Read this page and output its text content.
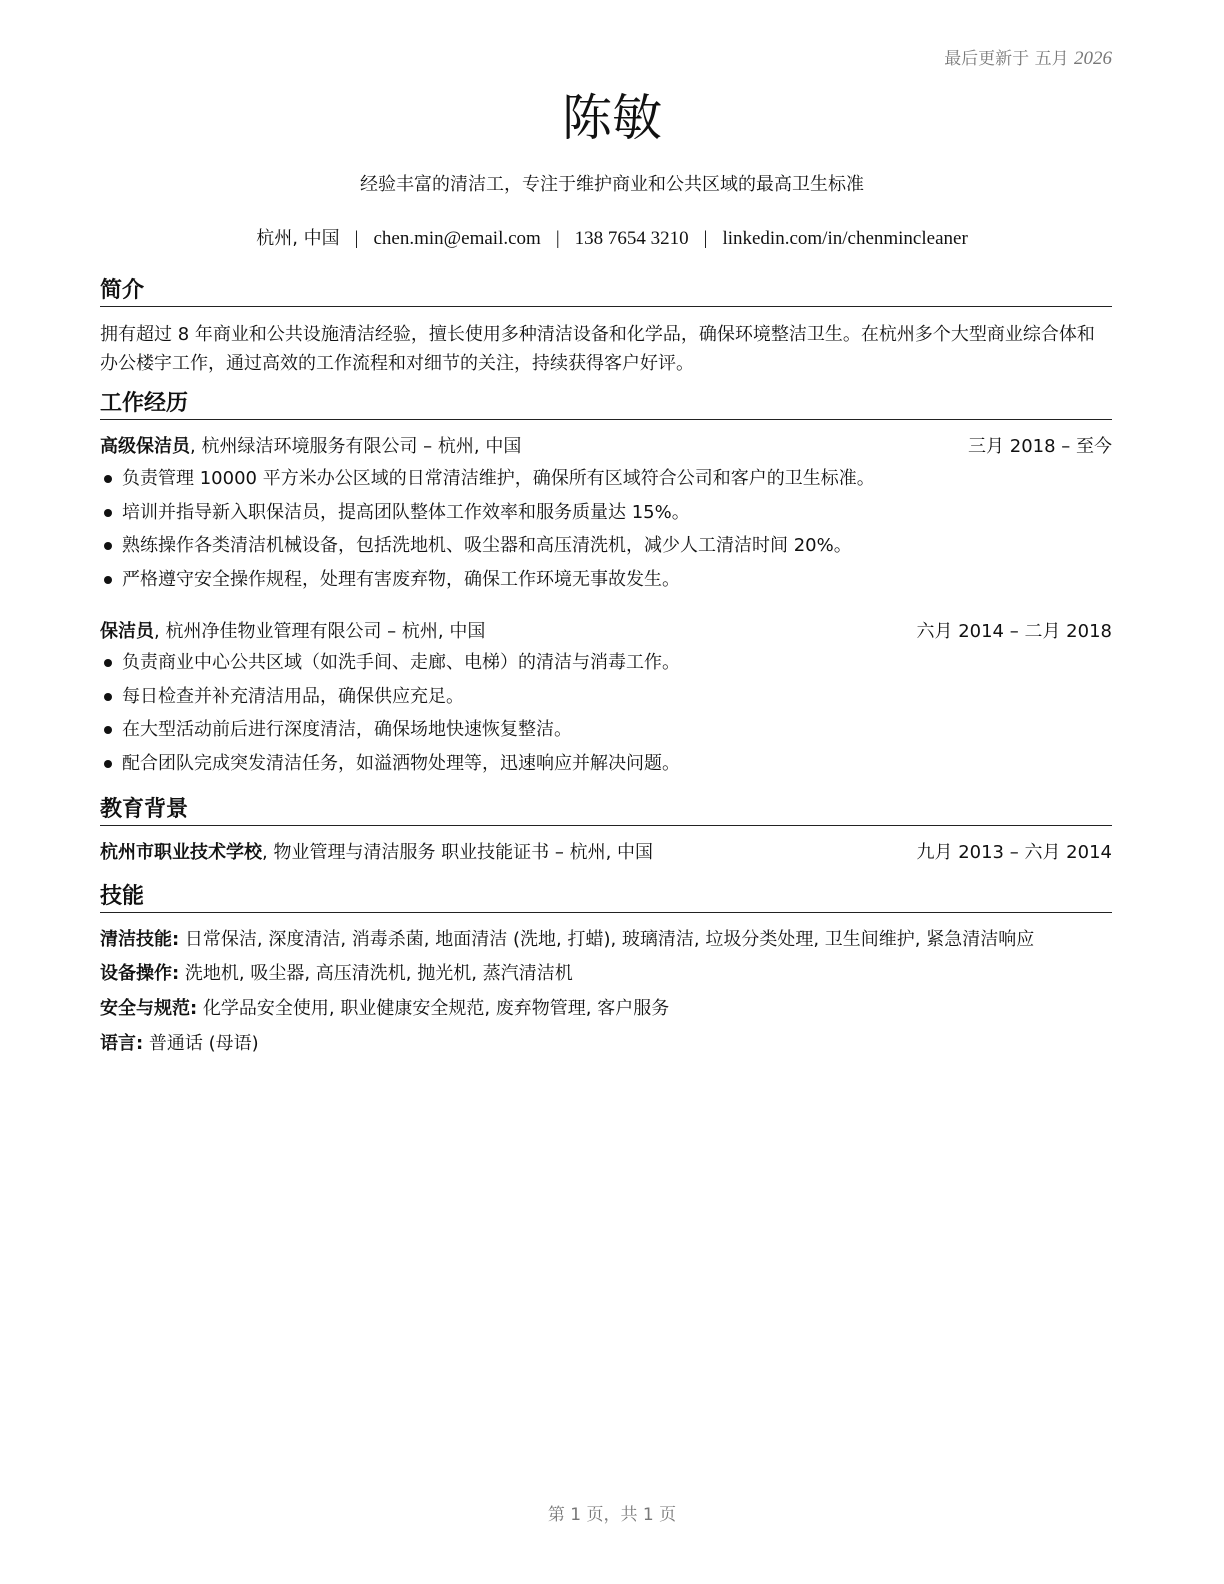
最后更新于 五月 2026
陈敏
经验丰富的清洁工，专注于维护商业和公共区域的最高卫生标准
杭州, 中国 | chen.min@email.com | 138 7654 3210 | linkedin.com/in/chenmincleaner
简介
拥有超过 8 年商业和公共设施清洁经验，擅长使用多种清洁设备和化学品，确保环境整洁卫生。在杭州多个大型商业综合体和办公楼宇工作，通过高效的工作流程和对细节的关注，持续获得客户好评。
工作经历
高级保洁员, 杭州绿洁环境服务有限公司 – 杭州, 中国	三月 2018 – 至今
负责管理 10000 平方米办公区域的日常清洁维护，确保所有区域符合公司和客户的卫生标准。
培训并指导新入职保洁员，提高团队整体工作效率和服务质量达 15%。
熟练操作各类清洁机械设备，包括洗地机、吸尘器和高压清洗机，减少人工清洁时间 20%。
严格遵守安全操作规程，处理有害废弃物，确保工作环境无事故发生。
保洁员, 杭州净佳物业管理有限公司 – 杭州, 中国	六月 2014 – 二月 2018
负责商业中心公共区域（如洗手间、走廊、电梯）的清洁与消毒工作。
每日检查并补充清洁用品，确保供应充足。
在大型活动前后进行深度清洁，确保场地快速恢复整洁。
配合团队完成突发清洁任务，如溢洒物处理等，迅速响应并解决问题。
教育背景
杭州市职业技术学校, 物业管理与清洁服务 职业技能证书 – 杭州, 中国	九月 2013 – 六月 2014
技能
清洁技能: 日常保洁, 深度清洁, 消毒杀菌, 地面清洁 (洗地, 打蜡), 玻璃清洁, 垃圾分类处理, 卫生间维护, 紧急清洁响应
设备操作: 洗地机, 吸尘器, 高压清洗机, 抛光机, 蒸汽清洁机
安全与规范: 化学品安全使用, 职业健康安全规范, 废弃物管理, 客户服务
语言: 普通话 (母语)
第 1 页，共 1 页
